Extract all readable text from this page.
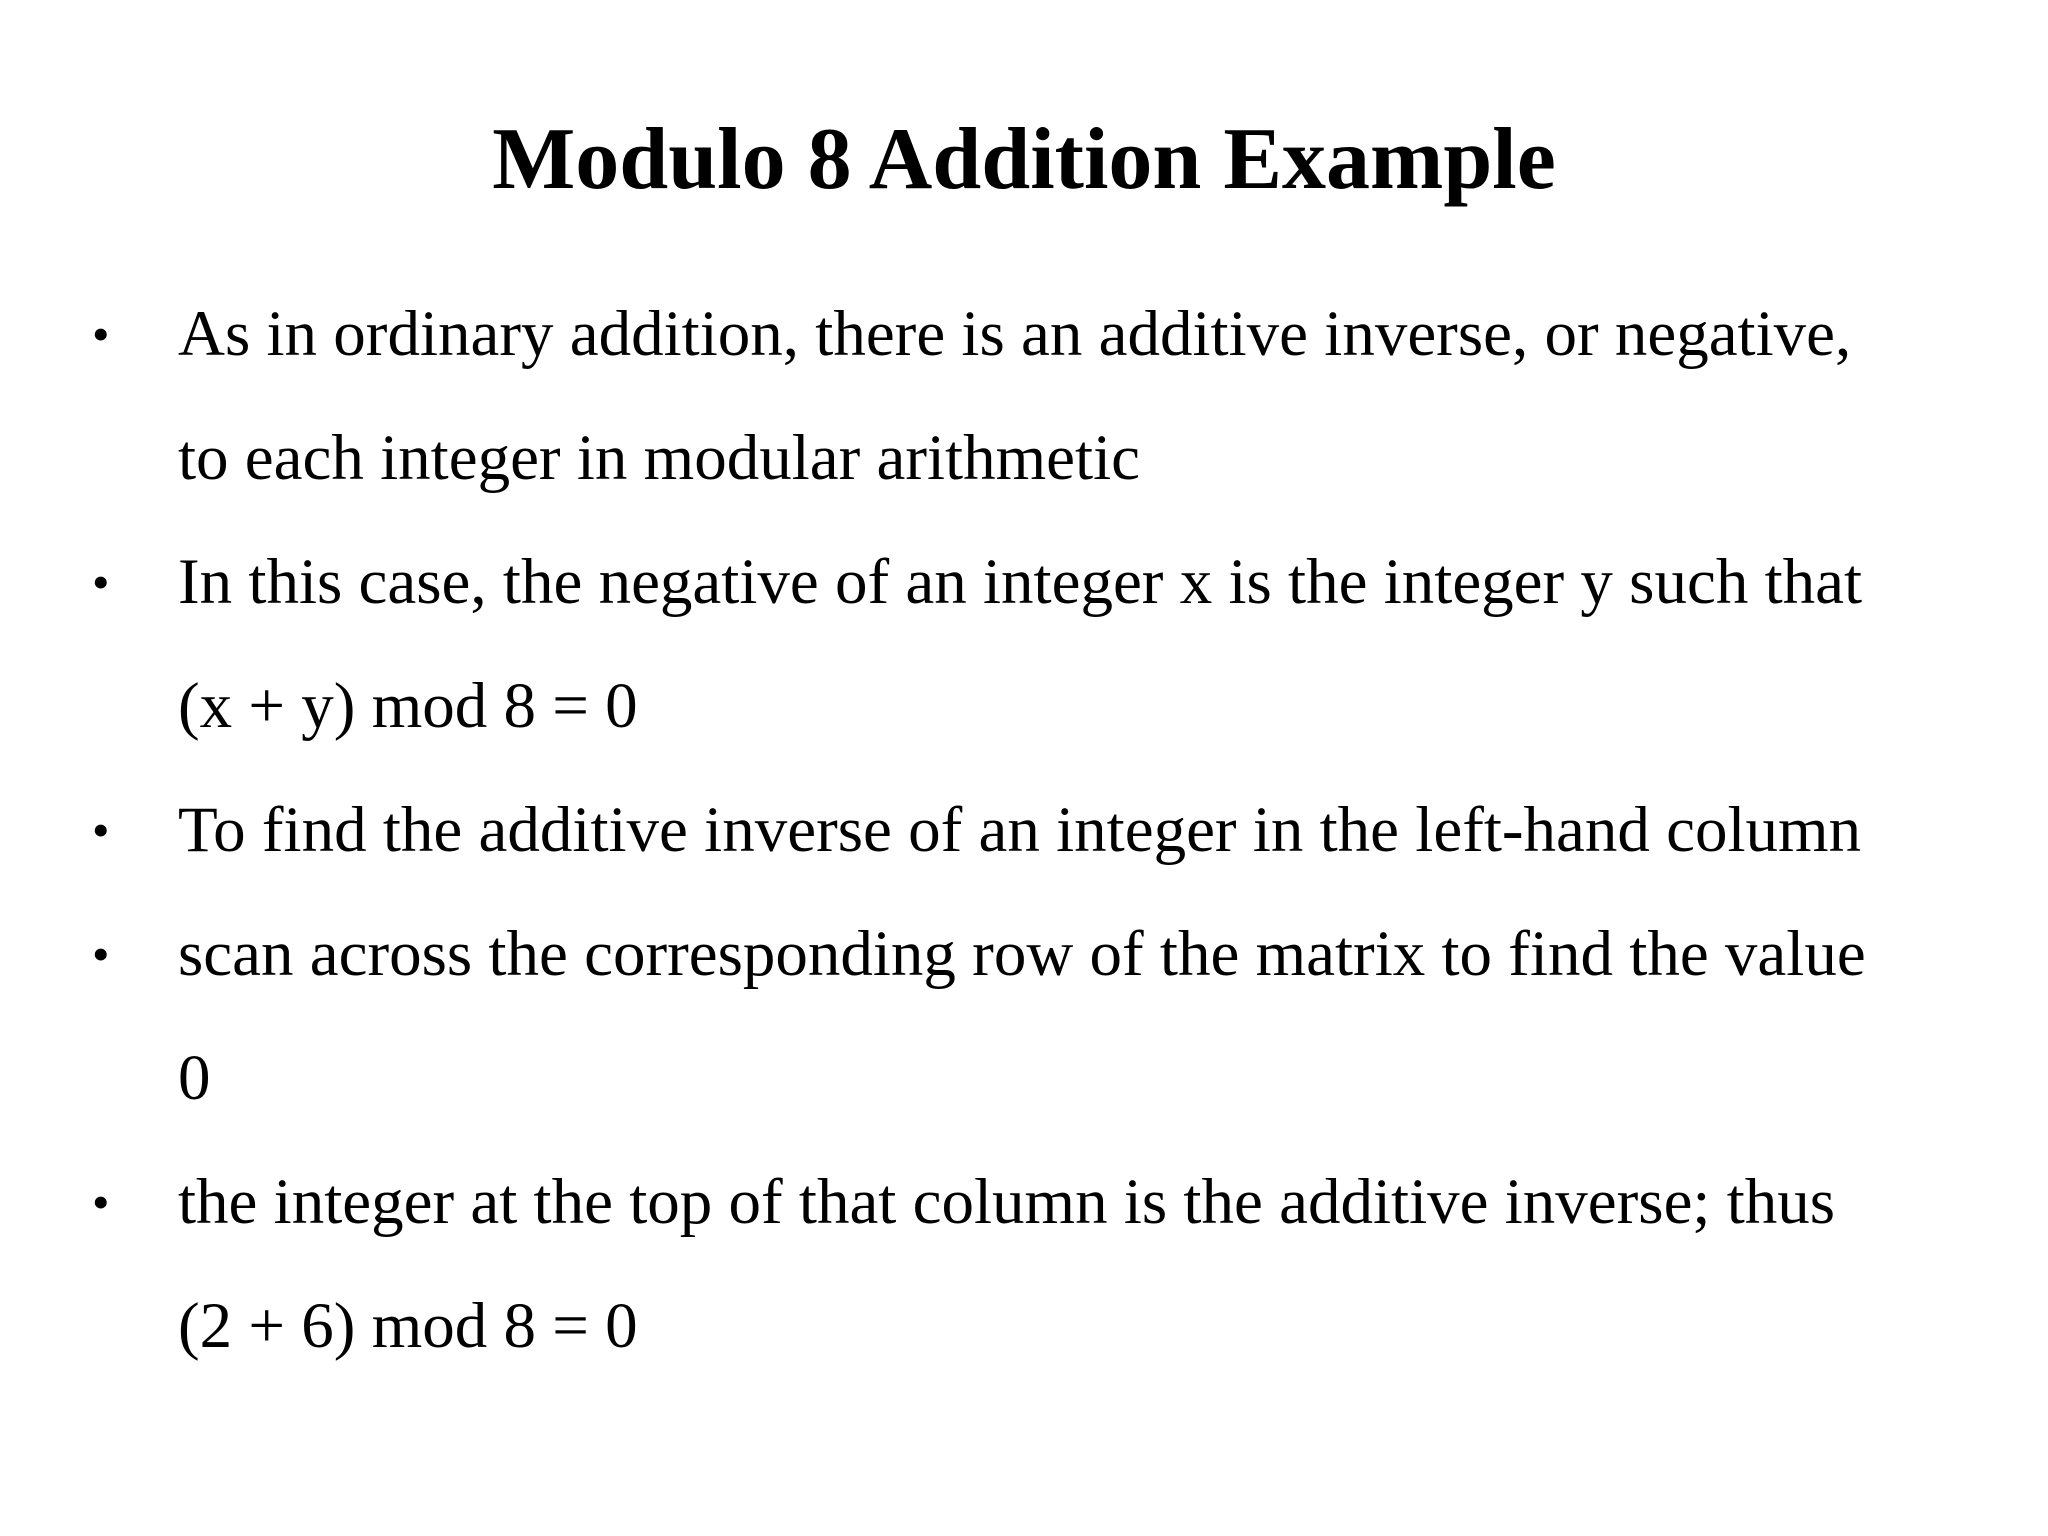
Modulo 8 Addition Example
• As in ordinary addition, there is an additive inverse, or negative,
to each integer in modular arithmetic
• In this case, the negative of an integer x is the integer y such that
(x + y) mod 8 = 0
• To find the additive inverse of an integer in the left-hand column
• scan across the corresponding row of the matrix to find the value
0
• the integer at the top of that column is the additive inverse; thus
(2 + 6) mod 8 = 0
